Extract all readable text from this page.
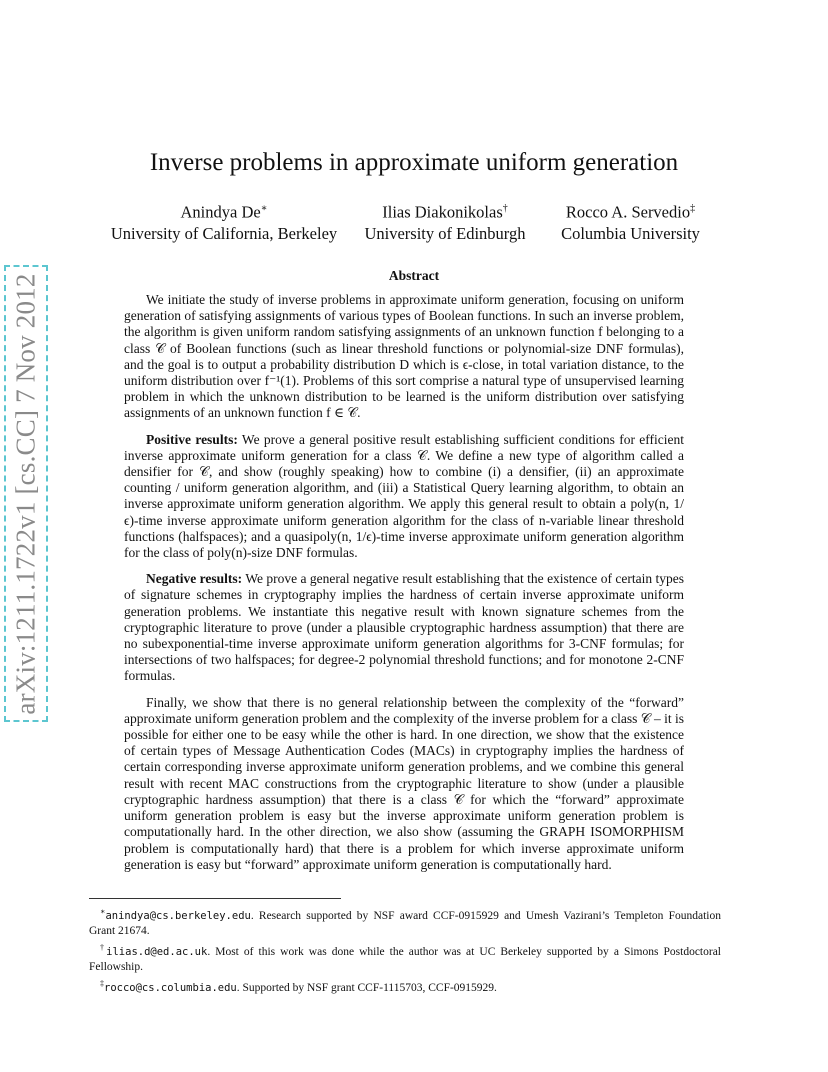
arXiv:1211.1722v1 [cs.CC] 7 Nov 2012
Inverse problems in approximate uniform generation
Anindya De∗
University of California, Berkeley
Ilias Diakonikolas†
University of Edinburgh
Rocco A. Servedio‡
Columbia University
Abstract

We initiate the study of inverse problems in approximate uniform generation, focusing on uniform generation of satisfying assignments of various types of Boolean functions. In such an inverse problem, the algorithm is given uniform random satisfying assignments of an unknown function f belonging to a class 𝒞 of Boolean functions (such as linear threshold functions or polynomial-size DNF formulas), and the goal is to output a probability distribution D which is ϵ-close, in total variation distance, to the uniform distribution over f⁻¹(1). Problems of this sort comprise a natural type of unsupervised learning problem in which the unknown distribution to be learned is the uniform distribution over satisfying assignments of an unknown function f ∈ 𝒞.

Positive results: We prove a general positive result establishing sufficient conditions for efficient inverse approximate uniform generation for a class 𝒞. We define a new type of algorithm called a densifier for 𝒞, and show (roughly speaking) how to combine (i) a densifier, (ii) an approximate counting / uniform generation algorithm, and (iii) a Statistical Query learning algorithm, to obtain an inverse approximate uniform generation algorithm. We apply this general result to obtain a poly(n, 1/ϵ)-time inverse approximate uniform generation algorithm for the class of n-variable linear threshold functions (halfspaces); and a quasipoly(n, 1/ϵ)-time inverse approximate uniform generation algorithm for the class of poly(n)-size DNF formulas.

Negative results: We prove a general negative result establishing that the existence of certain types of signature schemes in cryptography implies the hardness of certain inverse approximate uniform generation problems. We instantiate this negative result with known signature schemes from the cryptographic literature to prove (under a plausible cryptographic hardness assumption) that there are no subexponential-time inverse approximate uniform generation algorithms for 3-CNF formulas; for intersections of two halfspaces; for degree-2 polynomial threshold functions; and for monotone 2-CNF formulas.

Finally, we show that there is no general relationship between the complexity of the “forward” approximate uniform generation problem and the complexity of the inverse problem for a class 𝒞 – it is possible for either one to be easy while the other is hard. In one direction, we show that the existence of certain types of Message Authentication Codes (MACs) in cryptography implies the hardness of certain corresponding inverse approximate uniform generation problems, and we combine this general result with recent MAC constructions from the cryptographic literature to show (under a plausible cryptographic hardness assumption) that there is a class 𝒞 for which the “forward” approximate uniform generation problem is easy but the inverse approximate uniform generation problem is computationally hard. In the other direction, we also show (assuming the GRAPH ISOMORPHISM problem is computationally hard) that there is a problem for which inverse approximate uniform generation is easy but “forward” approximate uniform generation is computationally hard.

∗anindya@cs.berkeley.edu. Research supported by NSF award CCF-0915929 and Umesh Vazirani’s Templeton Foundation Grant 21674.

†ilias.d@ed.ac.uk. Most of this work was done while the author was at UC Berkeley supported by a Simons Postdoctoral Fellowship.

‡rocco@cs.columbia.edu. Supported by NSF grant CCF-1115703, CCF-0915929.
